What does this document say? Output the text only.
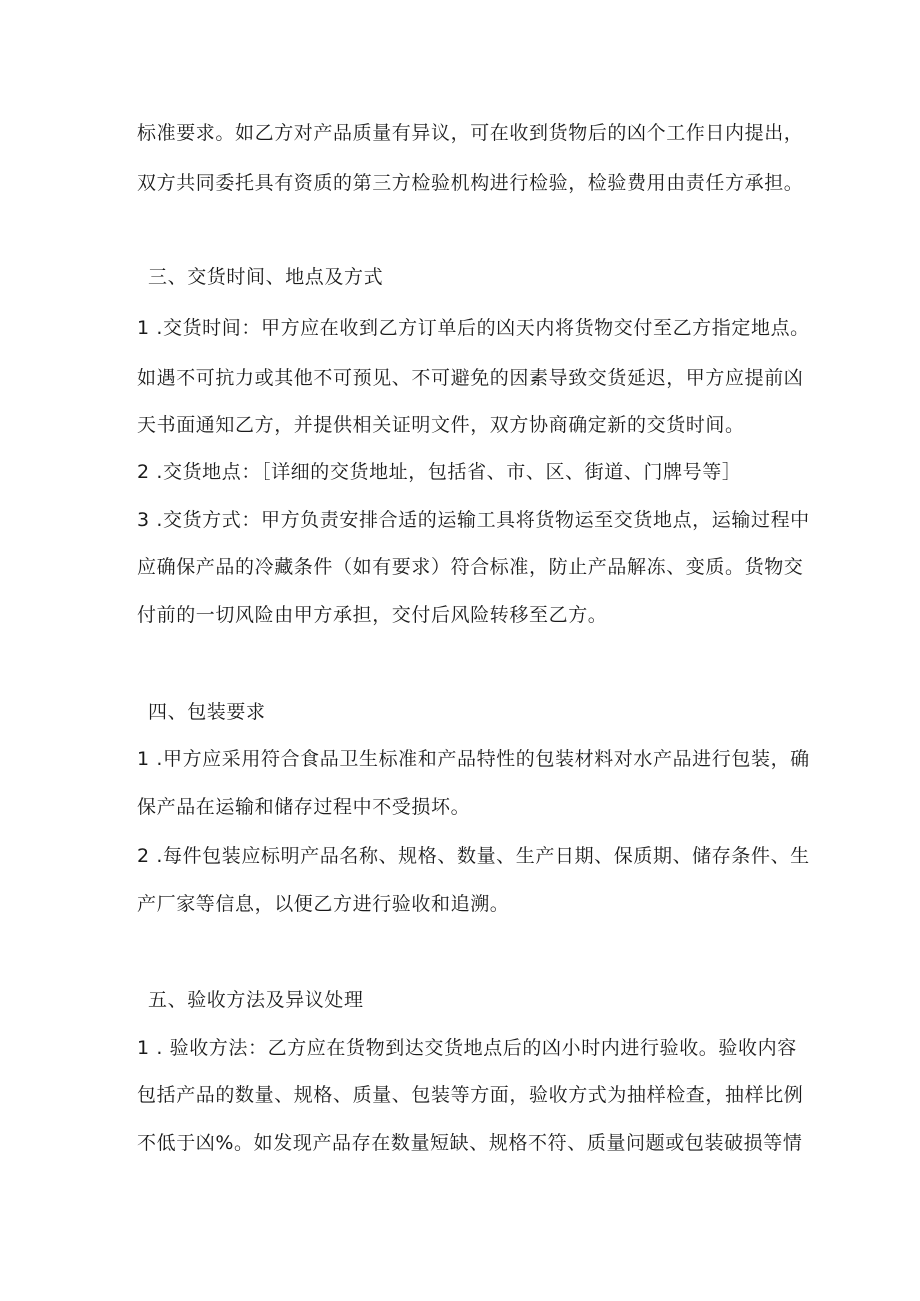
标准要求。如乙方对产品质量有异议，可在收到货物后的凶个工作日内提出，
双方共同委托具有资质的第三方检验机构进行检验，检验费用由责任方承担。
三、交货时间、地点及方式
1 .交货时间：甲方应在收到乙方订单后的凶天内将货物交付至乙方指定地点。
如遇不可抗力或其他不可预见、不可避免的因素导致交货延迟，甲方应提前凶
天书面通知乙方，并提供相关证明文件，双方协商确定新的交货时间。
2 .交货地点：［详细的交货地址，包括省、市、区、街道、门牌号等］
3 .交货方式：甲方负责安排合适的运输工具将货物运至交货地点，运输过程中
应确保产品的冷藏条件（如有要求）符合标准，防止产品解冻、变质。货物交
付前的一切风险由甲方承担，交付后风险转移至乙方。
四、包装要求
1 .甲方应采用符合食品卫生标准和产品特性的包装材料对水产品进行包装，确
保产品在运输和储存过程中不受损坏。
2 .每件包装应标明产品名称、规格、数量、生产日期、保质期、储存条件、生
产厂家等信息，以便乙方进行验收和追溯。
五、验收方法及异议处理
1 . 验收方法：乙方应在货物到达交货地点后的凶小时内进行验收。验收内容
包括产品的数量、规格、质量、包装等方面，验收方式为抽样检查，抽样比例
不低于凶%。如发现产品存在数量短缺、规格不符、质量问题或包装破损等情
